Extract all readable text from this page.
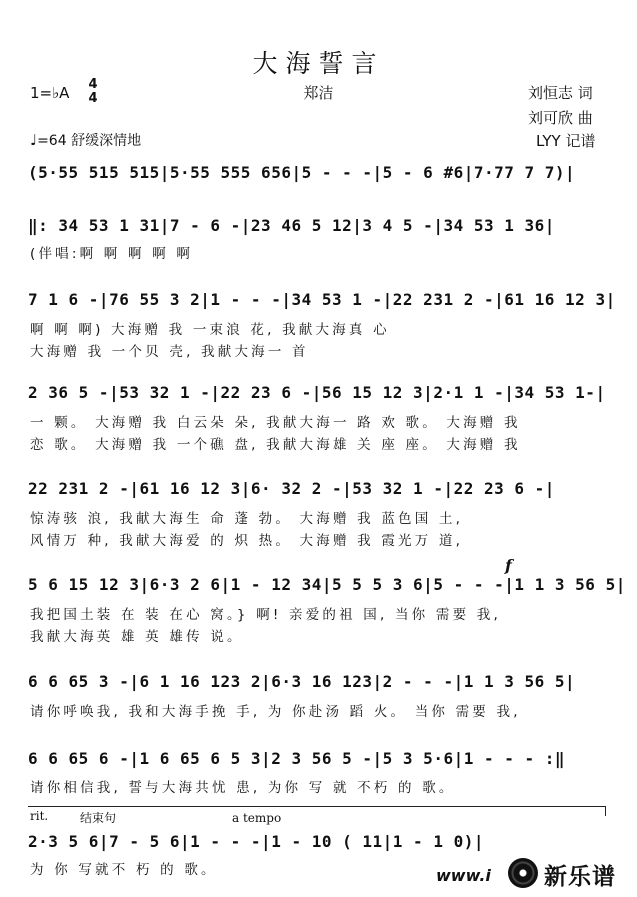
大海誓言
1=♭A 4
4	郑洁	刘恒志 词
刘可欣 曲
LYY 记谱
♩=64 舒缓深情地
(5·55 515 515|5·55 555 656|5 - - -|5 - 6 #6|7·77 7 7)|
‖: 34 53 1 31|7 - 6 -|23 46 5 12|3 4 5 -|34 53 1 36|
(伴唱:啊 啊 啊 啊 啊
7 1 6 -|76 55 3 2|1 - - -|34 53 1 -|22 231 2 -|61 16 12 3|
啊 啊 啊) 大海赠 我 一束浪 花, 我献大海真 心
大海赠 我 一个贝 壳, 我献大海一 首
2 36 5 -|53 32 1 -|22 23 6 -|56 15 12 3|2·1 1 -|34 53 1-|
一 颗。 大海赠 我 白云朵 朵, 我献大海一 路 欢 歌。 大海赠 我
恋 歌。 大海赠 我 一个礁 盘, 我献大海雄 关 座 座。 大海赠 我
22 231 2 -|61 16 12 3|6· 32 2 -|53 32 1 -|22 23 6 -|
惊涛骇 浪, 我献大海生 命 蓬 勃。 大海赠 我 蓝色国 土,
风情万 种, 我献大海爱 的 炽 热。 大海赠 我 霞光万 道,
f
5 6 15 12 3|6·3 2 6|1 - 12 34|5 5 5 3 6|5 - - -|1 1 3 56 5|
我把国土装 在 装 在心 窝。} 啊! 亲爱的祖 国, 当你 需要 我,
我献大海英 雄 英 雄传 说。
6 6 65 3 -|6 1 16 123 2|6·3 16 123|2 - - -|1 1 3 56 5|
请你呼唤我, 我和大海手挽 手, 为 你赴汤 蹈 火。 当你 需要 我,
6 6 65 6 -|1 6 65 6 5 3|2 3 56 5 -|5 3 5·6|1 - - - :‖
请你相信我, 誓与大海共忧 患, 为你 写 就 不朽 的 歌。
rit.	结束句	a tempo
2·3 5 6|7 - 5 6|1 - - -|1 - 10 ( 11|1 - 1 0)|
为 你 写就不 朽 的 歌。	www.i 新乐谱
